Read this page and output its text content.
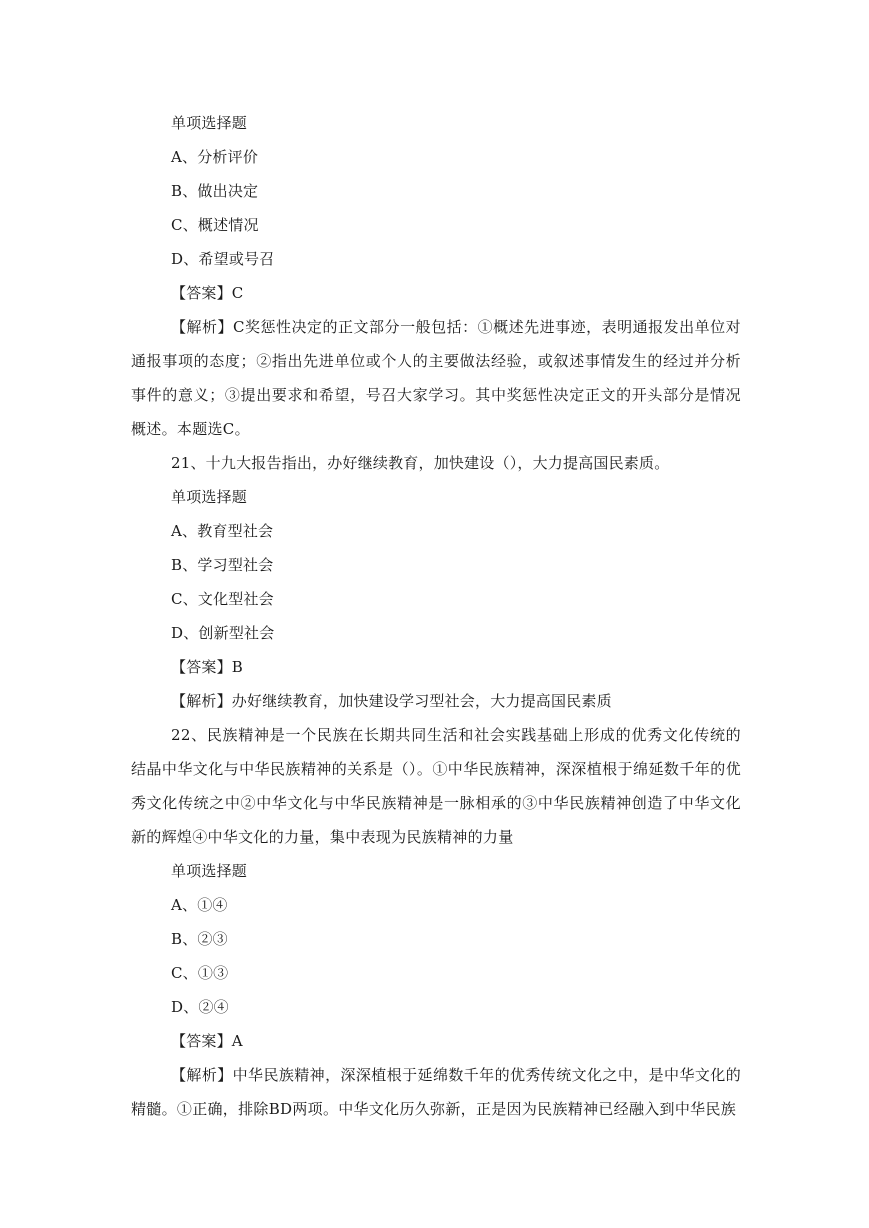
单项选择题
A、分析评价
B、做出决定
C、概述情况
D、希望或号召
【答案】C
【解析】C奖惩性决定的正文部分一般包括：①概述先进事迹，表明通报发出单位对通报事项的态度；②指出先进单位或个人的主要做法经验，或叙述事情发生的经过并分析事件的意义；③提出要求和希望，号召大家学习。其中奖惩性决定正文的开头部分是情况概述。本题选C。
21、十九大报告指出，办好继续教育，加快建设（），大力提高国民素质。
单项选择题
A、教育型社会
B、学习型社会
C、文化型社会
D、创新型社会
【答案】B
【解析】办好继续教育，加快建设学习型社会，大力提高国民素质
22、民族精神是一个民族在长期共同生活和社会实践基础上形成的优秀文化传统的结晶中华文化与中华民族精神的关系是（）。①中华民族精神，深深植根于绵延数千年的优秀文化传统之中②中华文化与中华民族精神是一脉相承的③中华民族精神创造了中华文化新的辉煌④中华文化的力量，集中表现为民族精神的力量
单项选择题
A、①④
B、②③
C、①③
D、②④
【答案】A
【解析】中华民族精神，深深植根于延绵数千年的优秀传统文化之中，是中华文化的精髓。①正确，排除BD两项。中华文化历久弥新，正是因为民族精神已经融入到中华民族
